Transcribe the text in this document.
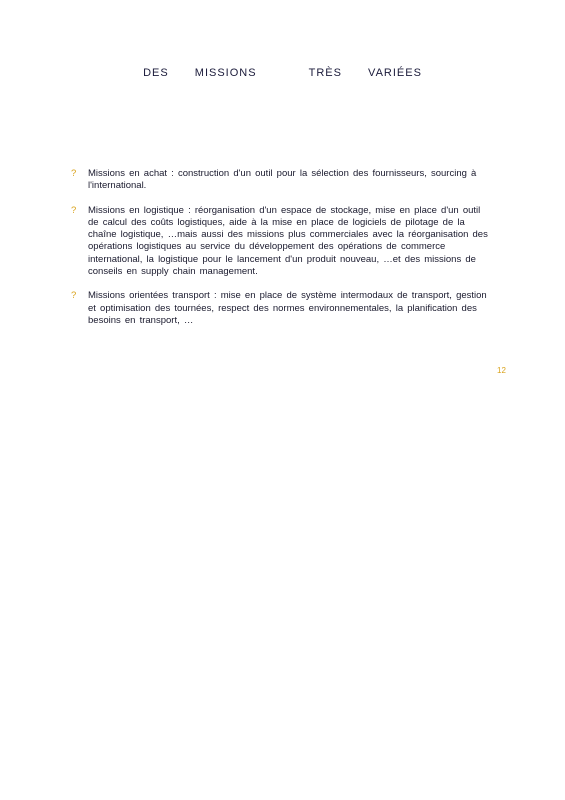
DES  MISSIONS    TRÈS  VARIÉES
?	Missions en achat : construction d'un outil pour la sélection des fournisseurs, sourcing à l'international.
?	Missions en logistique : réorganisation d'un espace de stockage, mise en place d'un outil de calcul des coûts logistiques, aide à la mise en place de logiciels de pilotage de la chaîne logistique, …mais aussi des missions plus commerciales avec la réorganisation des opérations logistiques au service du développement des opérations de commerce international, la logistique pour le lancement d'un produit nouveau, …et des missions de conseils en supply chain management.
?	Missions orientées transport : mise en place de système intermodaux de transport, gestion et optimisation des tournées, respect des normes environnementales, la planification des besoins en transport, …
12
